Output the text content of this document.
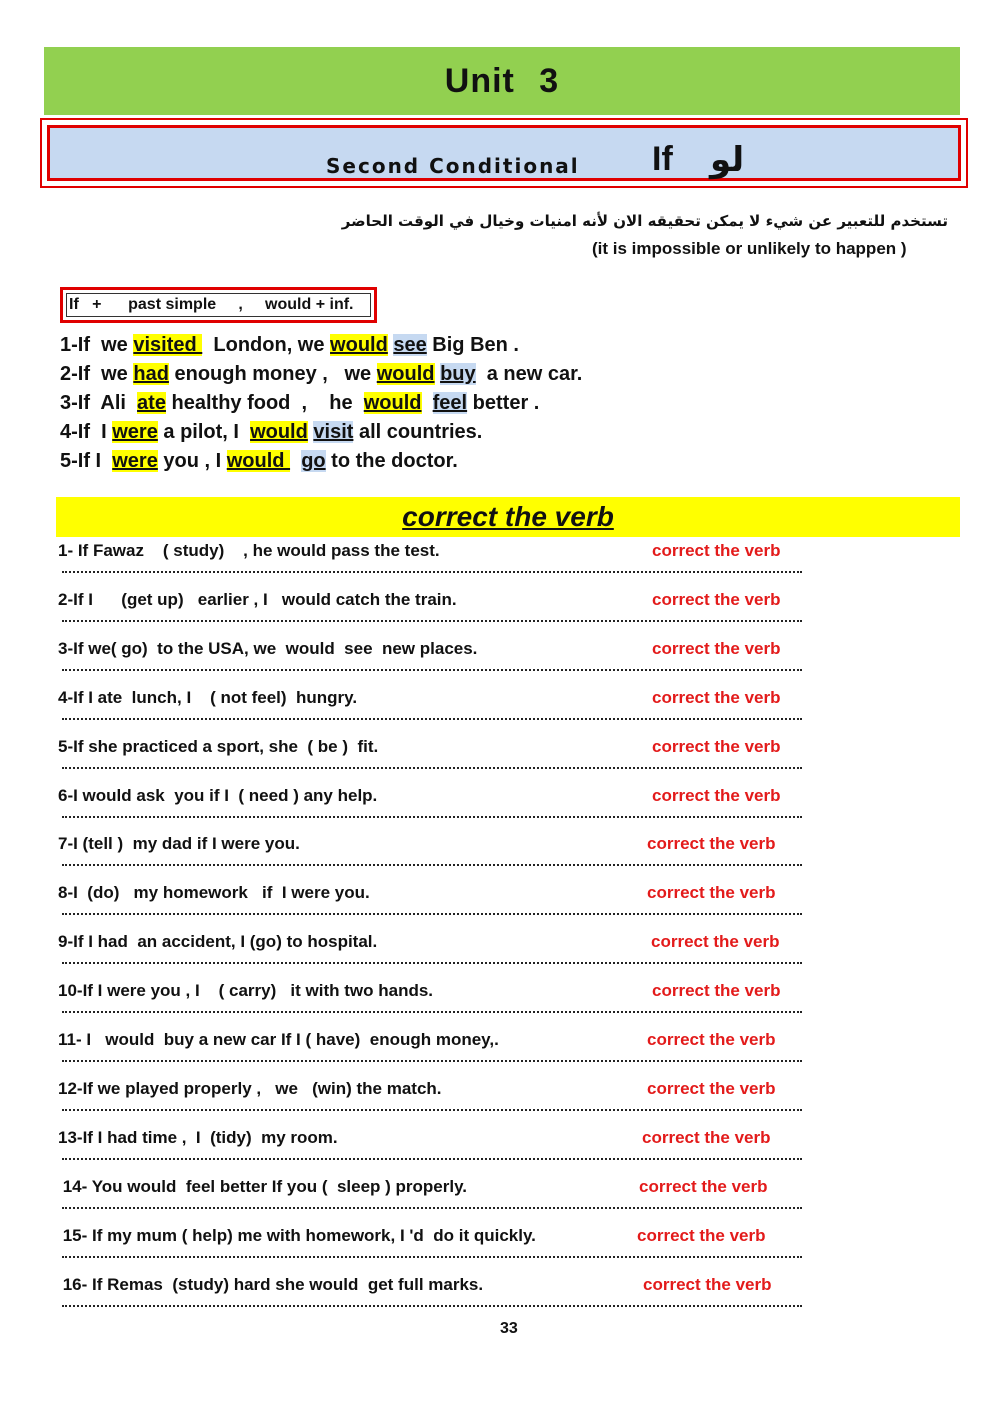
Unit 3
Second Conditional If لو
تستخدم للتعبير عن شيء لا يمكن تحقيقه الان لأنه امنيات وخيال في الوقت الحاضر
(it is impossible or unlikely to happen )
If   +      past simple     ,     would + inf.
1-If  we visited   London, we would see Big Ben .
2-If  we had enough money ,   we would buy  a new car.
3-If  Ali  ate healthy food  ,    he  would feel better .
4-If  I were a pilot, I  would visit all countries.
5-If I  were you , I would   go to the doctor.
correct the verb
1- If Fawaz    ( study)    , he would pass the test.	correct the verb
2-If I      (get up)   earlier , I   would catch the train.	correct the verb
3-If we( go)  to the USA, we  would  see  new places.	correct the verb
4-If I ate  lunch, I    ( not feel)  hungry.	correct the verb
5-If she practiced a sport, she  ( be )  fit.	correct the verb
6-I would ask  you if I  ( need ) any help.	correct the verb
7-I (tell )  my dad if I were you.	correct the verb
8-I  (do)   my homework   if  I were you.	correct the verb
9-If I had  an accident, I (go) to hospital.	correct the verb
10-If I were you , I    ( carry)   it with two hands.	correct the verb
11- I   would  buy a new car If I ( have)  enough money,.	correct the verb
12-If we played properly ,   we   (win) the match.	correct the verb
13-If I had time ,  I  (tidy)  my room.	correct the verb
14- You would  feel better If you (  sleep ) properly.	correct the verb
15- If my mum ( help) me with homework, I 'd  do it quickly.	correct the verb
16- If Remas  (study) hard she would  get full marks.	correct the verb
33
